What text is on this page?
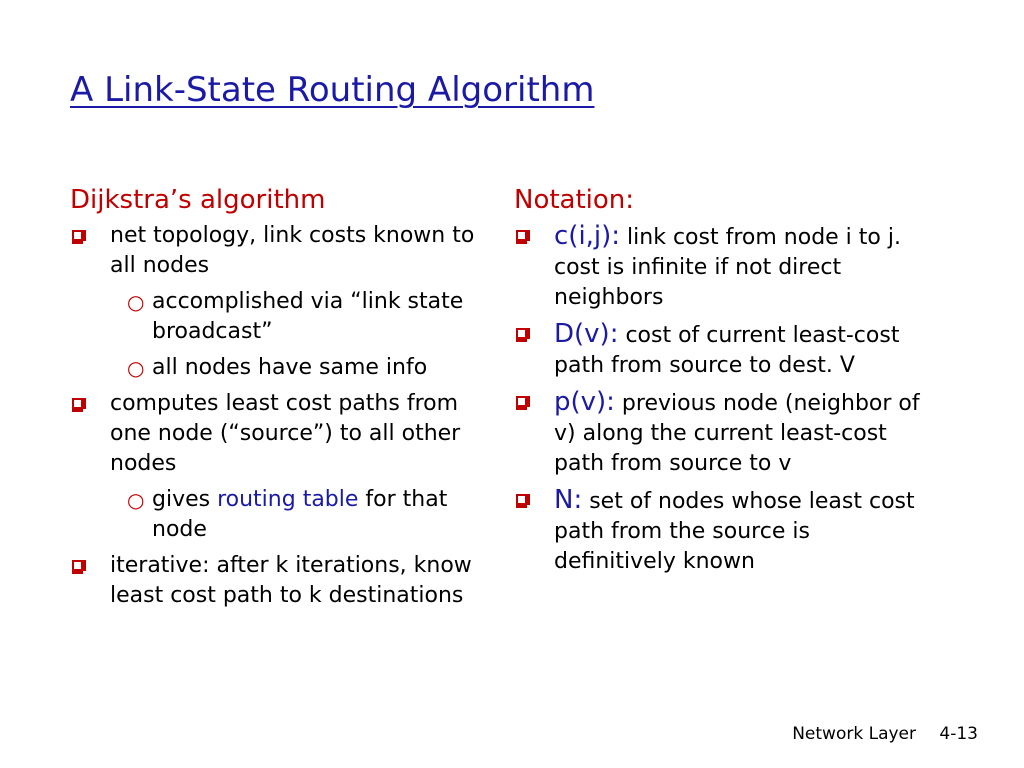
A Link-State Routing Algorithm
Dijkstra’s algorithm
net topology, link costs known to all nodes
○ accomplished via “link state broadcast”
○ all nodes have same info
computes least cost paths from one node (“source”) to all other nodes
○ gives routing table for that node
iterative: after k iterations, know least cost path to k destinations
Notation:
c(i,j): link cost from node i to j. cost is infinite if not direct neighbors
D(v): cost of current least-cost path from source to dest. V
p(v): previous node (neighbor of v) along the current least-cost path from source to v
N: set of nodes whose least cost path from the source is definitively known
Network Layer 4-13
